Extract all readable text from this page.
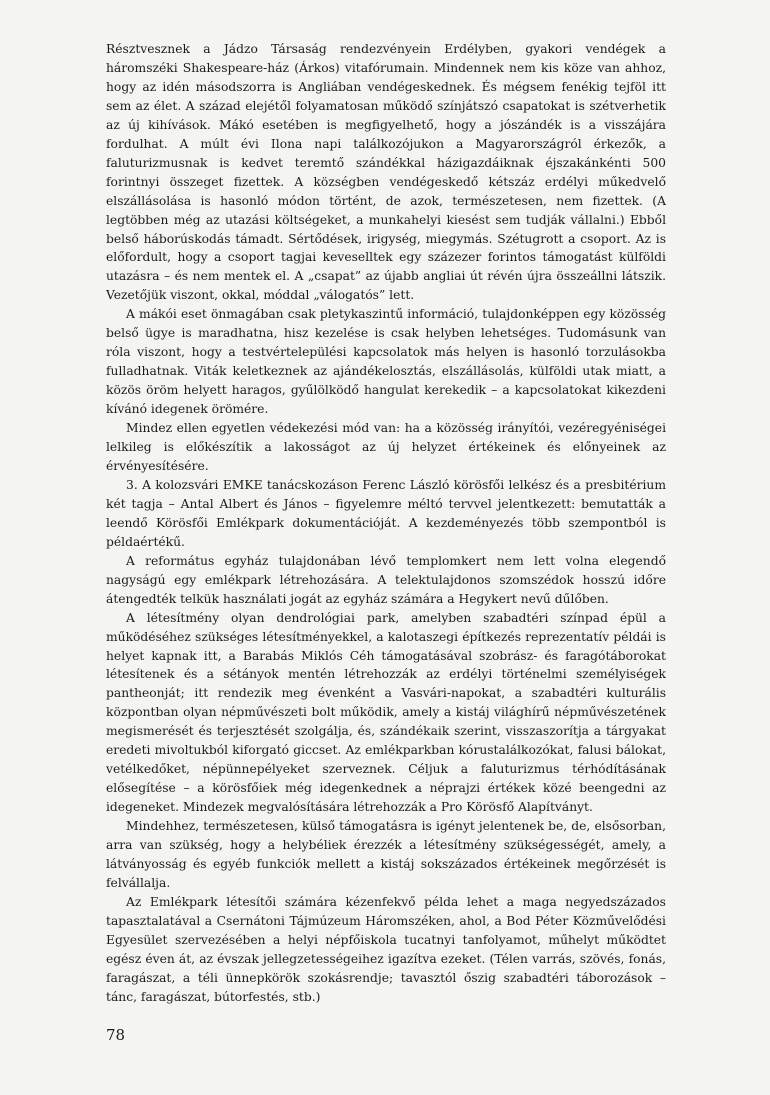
Résztvesznek a Jádzo Társaság rendezvényein Erdélyben, gyakori vendégek a háromszéki Shakespeare-ház (Árkos) vitafórumain. Mindennek nem kis köze van ahhoz, hogy az idén másodszorra is Angliában vendégeskednek. És mégsem fenékig tejföl itt sem az élet. A század elejétől folyamatosan működő színjátszó csapatokat is szétverhetik az új kihívások. Mákó esetében is megfigyelhető, hogy a jószándék is a visszájára fordulhat. A múlt évi Ilona napi találkozójukon a Magyarországról érkezők, a faluturizmusnak is kedvet teremtő szándékkal házigazdáiknak éjszakánkénti 500 forintnyi összeget fizettek. A községben vendégeskedő kétszáz erdélyi műkedvelő elszállásolása is hasonló módon történt, de azok, természetesen, nem fizettek. (A legtöbben még az utazási költségeket, a munkahelyi kiesést sem tudják vállalni.) Ebből belső háborúskodás támadt. Sértődések, irigység, miegymás. Szétugrott a csoport. Az is előfordult, hogy a csoport tagjai keveselltek egy százezer forintos támogatást külföldi utazásra – és nem mentek el. A „csapat” az újabb angliai út révén újra összeállni látszik. Vezetőjük viszont, okkal, móddal „válogatós” lett.

A mákói eset önmagában csak pletykaszintű információ, tulajdonképpen egy közösség belső ügye is maradhatna, hisz kezelése is csak helyben lehetséges. Tudomásunk van róla viszont, hogy a testvértelepülési kapcsolatok más helyen is hasonló torzulásokba fulladhatnak. Viták keletkeznek az ajándékelosztás, elszállásolás, külföldi utak miatt, a közös öröm helyett haragos, gyűlölködő hangulat kerekedik – a kapcsolatokat kikezdeni kívánó idegenek örömére.

Mindez ellen egyetlen védekezési mód van: ha a közösség irányítói, vezéregyéniségei lelkileg is előkészítik a lakosságot az új helyzet értékeinek és előnyeinek az érvényesítésére.

3. A kolozsvári EMKE tanácskozáson Ferenc László körösfői lelkész és a presbitérium két tagja – Antal Albert és János – figyelemre méltó tervvel jelentkezett: bemutatták a leendő Körösfői Emlékpark dokumentációját. A kezdeményezés több szempontból is példaértékű.

A református egyház tulajdonában lévő templomkert nem lett volna elegendő nagyságú egy emlékpark létrehozására. A telektulajdonos szomszédok hosszú időre átengedték telkük használati jogát az egyház számára a Hegykert nevű dűlőben.

A létesítmény olyan dendrológiai park, amelyben szabadtéri színpad épül a működéséhez szükséges létesítményekkel, a kalotaszegi építkezés reprezentatív példái is helyet kapnak itt, a Barabás Miklós Céh támogatásával szobrász- és faragótáborokat létesítenek és a sétányok mentén létrehozzák az erdélyi történelmi személyiségek pantheonját; itt rendezik meg évenként a Vasvári-napokat, a szabadtéri kulturális központban olyan népművészeti bolt működik, amely a kistáj világhírű népművészetének megismerését és terjesztését szolgálja, és, szándékaik szerint, visszaszorítja a tárgyakat eredeti mivoltukból kiforgató giccset. Az emlékparkban kórustalálkozókat, falusi bálokat, vetélkedőket, népünnepélyeket szerveznek. Céljuk a faluturizmus térhódításának elősegítése – a körösfőiek még idegenkednek a néprajzi értékek közé beengedni az idegeneket. Mindezek megvalósítására létrehozzák a Pro Körösfő Alapítványt.

Mindehhez, természetesen, külső támogatásra is igényt jelentenek be, de, elsősorban, arra van szükség, hogy a helybéliek érezzék a létesítmény szükségességét, amely, a látványosság és egyéb funkciók mellett a kistáj sokszázados értékeinek megőrzését is felvállalja.

Az Emlékpark létesítői számára kézenfekvő példa lehet a maga negyedszázados tapasztalatával a Csernátoni Tájmúzeum Háromszéken, ahol, a Bod Péter Közművelődési Egyesület szervezésében a helyi népfőiskola tucatnyi tanfolyamot, műhelyt működtet egész éven át, az évszak jellegzetességeihez igazítva ezeket. (Télen varrás, szövés, fonás, faragászat, a téli ünnepkörök szokásrendje; tavasztól őszig szabadtéri táborozások – tánc, faragászat, bútorfestés, stb.)

78
